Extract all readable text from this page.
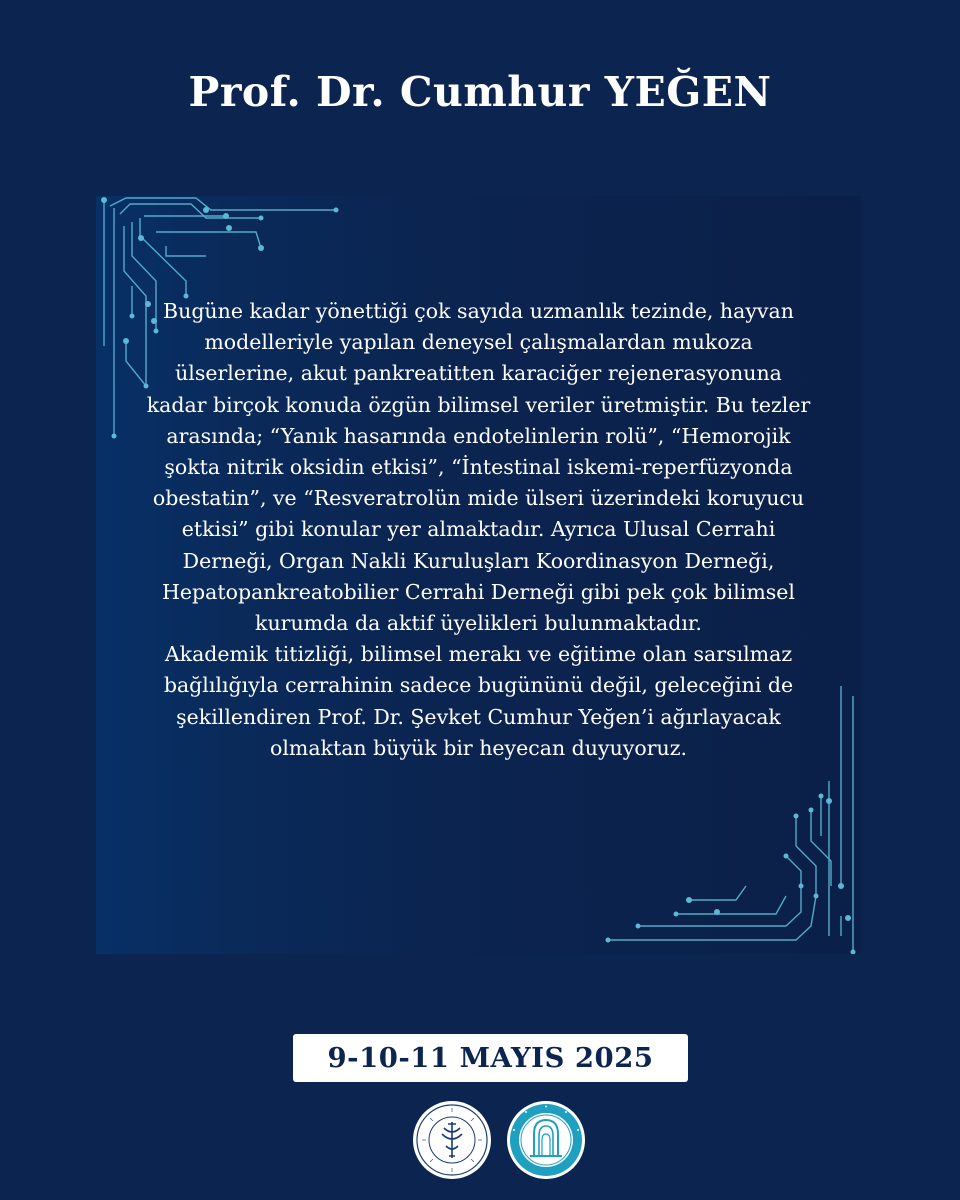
Prof. Dr. Cumhur YEĞEN

Bugüne kadar yönettiği çok sayıda uzmanlık tezinde, hayvan modelleriyle yapılan deneysel çalışmalardan mukoza ülserlerine, akut pankreatitten karaciğer rejenerasyonuna kadar birçok konuda özgün bilimsel veriler üretmiştir. Bu tezler arasında; “Yanık hasarında endotelinlerin rolü”, “Hemorojik şokta nitrik oksidin etkisi”, “İntestinal iskemi-reperfüzyonda obestatin”, ve “Resveratrolün mide ülseri üzerindeki koruyucu etkisi” gibi konular yer almaktadır. Ayrıca Ulusal Cerrahi Derneği, Organ Nakli Kuruluşları Koordinasyon Derneği, Hepatopankreatobilier Cerrahi Derneği gibi pek çok bilimsel kurumda da aktif üyelikleri bulunmaktadır.

Akademik titizliği, bilimsel merakı ve eğitime olan sarsılmaz bağlılığıyla cerrahinin sadece bugününü değil, geleceğini de şekillendiren Prof. Dr. Şevket Cumhur Yeğen’i ağırlayacak olmaktan büyük bir heyecan duyuyoruz.

9-10-11 MAYIS 2025
